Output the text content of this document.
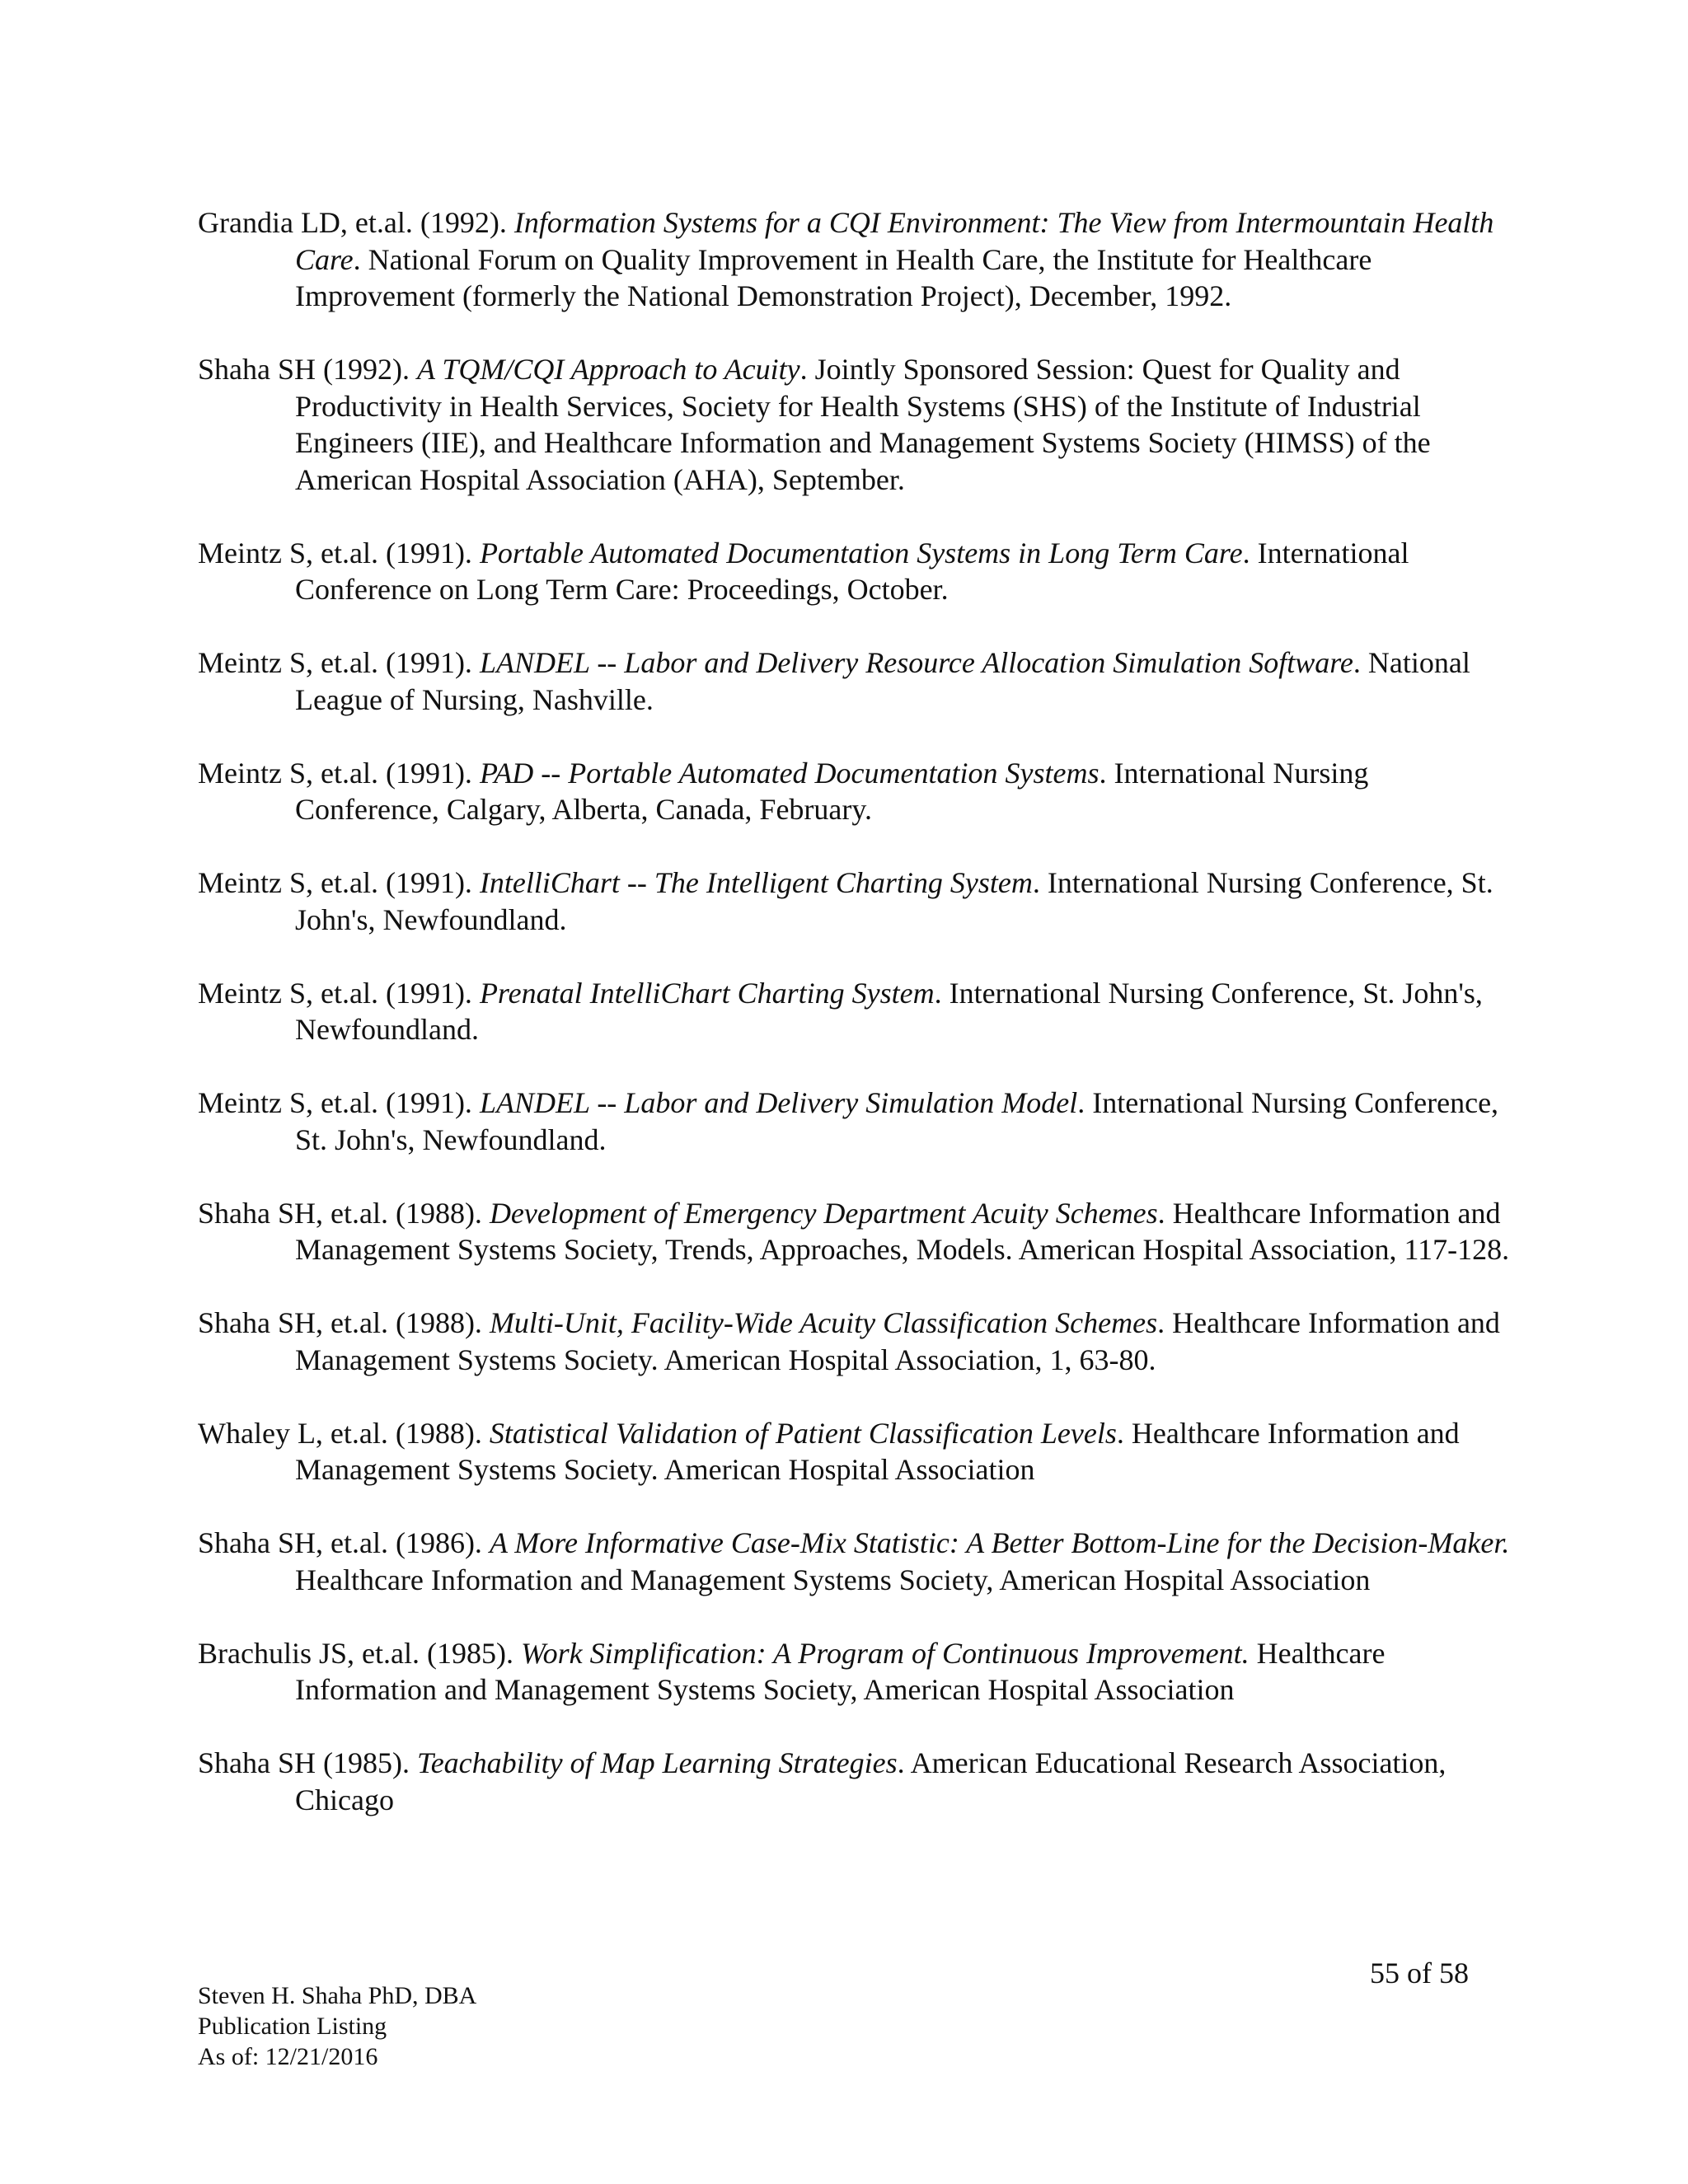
Grandia LD, et.al. (1992). Information Systems for a CQI Environment: The View from Intermountain Health Care. National Forum on Quality Improvement in Health Care, the Institute for Healthcare Improvement (formerly the National Demonstration Project), December, 1992.

Shaha SH (1992). A TQM/CQI Approach to Acuity. Jointly Sponsored Session: Quest for Quality and Productivity in Health Services, Society for Health Systems (SHS) of the Institute of Industrial Engineers (IIE), and Healthcare Information and Management Systems Society (HIMSS) of the American Hospital Association (AHA), September.

Meintz S, et.al. (1991). Portable Automated Documentation Systems in Long Term Care. International Conference on Long Term Care: Proceedings, October.

Meintz S, et.al. (1991). LANDEL -- Labor and Delivery Resource Allocation Simulation Software. National League of Nursing, Nashville.

Meintz S, et.al. (1991). PAD -- Portable Automated Documentation Systems. International Nursing Conference, Calgary, Alberta, Canada, February.

Meintz S, et.al. (1991). IntelliChart -- The Intelligent Charting System. International Nursing Conference, St. John's, Newfoundland.

Meintz S, et.al. (1991). Prenatal IntelliChart Charting System. International Nursing Conference, St. John's, Newfoundland.

Meintz S, et.al. (1991). LANDEL -- Labor and Delivery Simulation Model. International Nursing Conference, St. John's, Newfoundland.

Shaha SH, et.al. (1988). Development of Emergency Department Acuity Schemes. Healthcare Information and Management Systems Society, Trends, Approaches, Models. American Hospital Association, 117-128.

Shaha SH, et.al. (1988). Multi-Unit, Facility-Wide Acuity Classification Schemes. Healthcare Information and Management Systems Society. American Hospital Association, 1, 63-80.

Whaley L, et.al. (1988). Statistical Validation of Patient Classification Levels. Healthcare Information and Management Systems Society. American Hospital Association

Shaha SH, et.al. (1986). A More Informative Case-Mix Statistic: A Better Bottom-Line for the Decision-Maker. Healthcare Information and Management Systems Society, American Hospital Association

Brachulis JS, et.al. (1985). Work Simplification: A Program of Continuous Improvement. Healthcare Information and Management Systems Society, American Hospital Association

Shaha SH (1985). Teachability of Map Learning Strategies. American Educational Research Association, Chicago

55 of 58
Steven H. Shaha PhD, DBA
Publication Listing
As of: 12/21/2016
